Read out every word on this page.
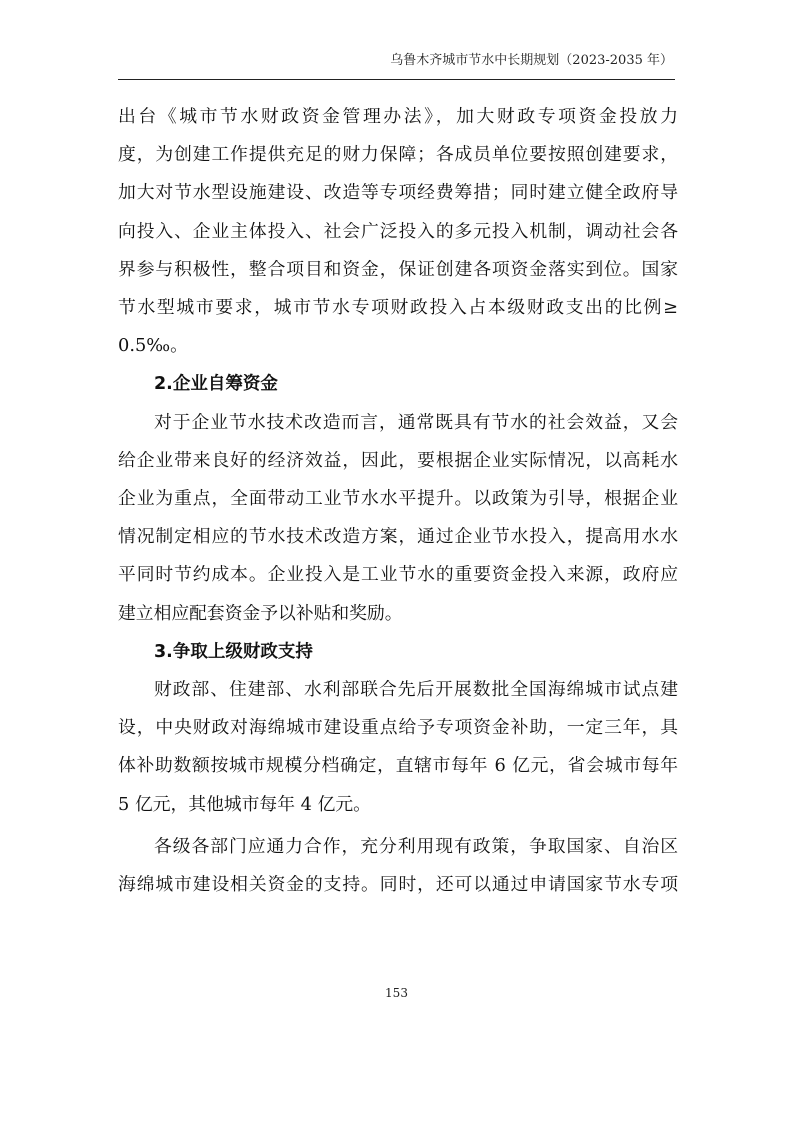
乌鲁木齐城市节水中长期规划（2023-2035 年）
出台《城市节水财政资金管理办法》，加大财政专项资金投放力
度，为创建工作提供充足的财力保障；各成员单位要按照创建要求，
加大对节水型设施建设、改造等专项经费筹措；同时建立健全政府导
向投入、企业主体投入、社会广泛投入的多元投入机制，调动社会各
界参与积极性，整合项目和资金，保证创建各项资金落实到位。国家
节水型城市要求，城市节水专项财政投入占本级财政支出的比例≥
0.5‰。
2.企业自筹资金
对于企业节水技术改造而言，通常既具有节水的社会效益，又会
给企业带来良好的经济效益，因此，要根据企业实际情况，以高耗水
企业为重点，全面带动工业节水水平提升。以政策为引导，根据企业
情况制定相应的节水技术改造方案，通过企业节水投入，提高用水水
平同时节约成本。企业投入是工业节水的重要资金投入来源，政府应
建立相应配套资金予以补贴和奖励。
3.争取上级财政支持
财政部、住建部、水利部联合先后开展数批全国海绵城市试点建
设，中央财政对海绵城市建设重点给予专项资金补助，一定三年，具
体补助数额按城市规模分档确定，直辖市每年 6 亿元，省会城市每年
5 亿元，其他城市每年 4 亿元。
各级各部门应通力合作，充分利用现有政策，争取国家、自治区
海绵城市建设相关资金的支持。同时，还可以通过申请国家节水专项
153
